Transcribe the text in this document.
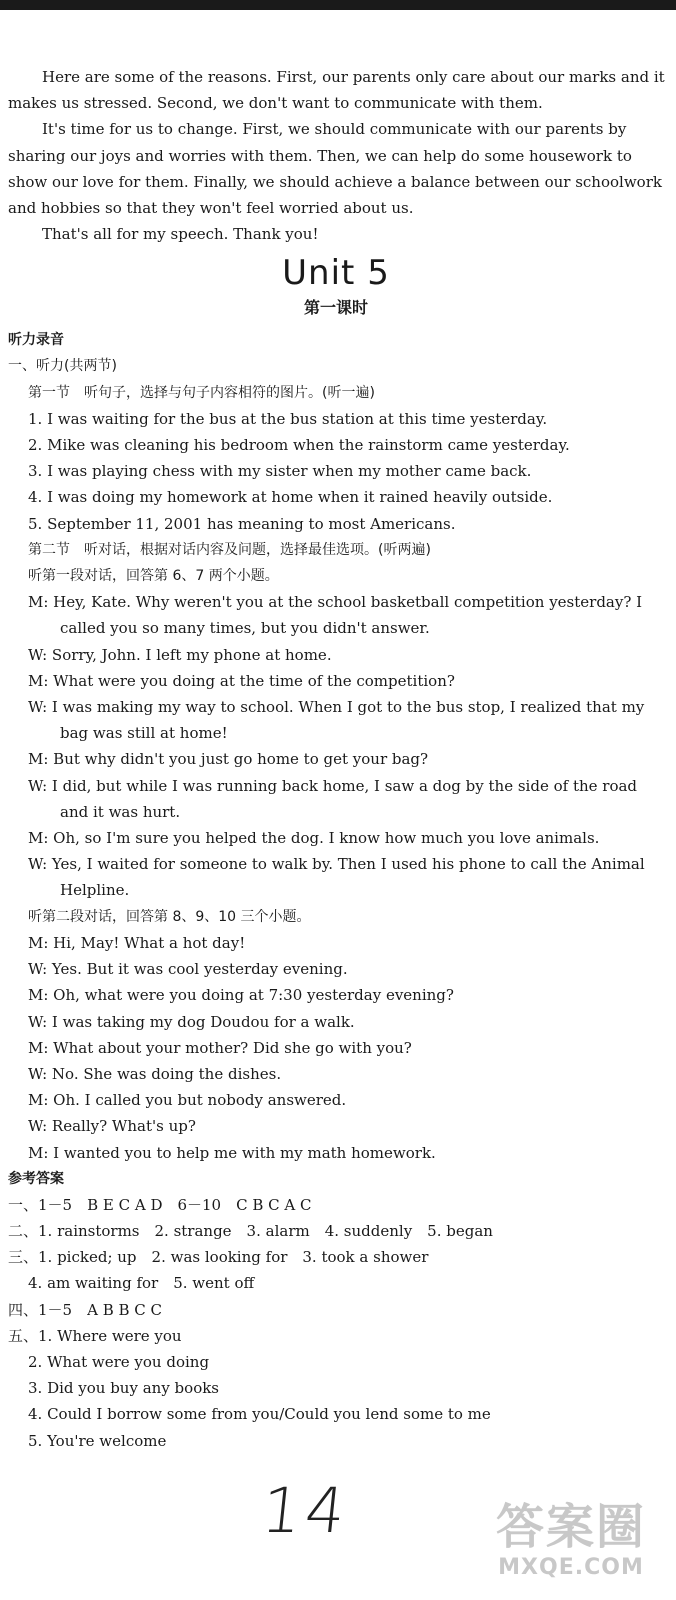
Here are some of the reasons. First, our parents only care about our marks and it
makes us stressed. Second, we don't want to communicate with them.
It's time for us to change. First, we should communicate with our parents by
sharing our joys and worries with them. Then, we can help do some housework to
show our love for them. Finally, we should achieve a balance between our schoolwork
and hobbies so that they won't feel worried about us.
That's all for my speech. Thank you!
Unit 5
第一课时
听力录音
一、听力(共两节)
第一节　听句子，选择与句子内容相符的图片。(听一遍)
1. I was waiting for the bus at the bus station at this time yesterday.
2. Mike was cleaning his bedroom when the rainstorm came yesterday.
3. I was playing chess with my sister when my mother came back.
4. I was doing my homework at home when it rained heavily outside.
5. September 11, 2001 has meaning to most Americans.
第二节　听对话，根据对话内容及问题，选择最佳选项。(听两遍)
听第一段对话，回答第 6、7 两个小题。
M: Hey, Kate. Why weren't you at the school basketball competition yesterday? I
called you so many times, but you didn't answer.
W: Sorry, John. I left my phone at home.
M: What were you doing at the time of the competition?
W: I was making my way to school. When I got to the bus stop, I realized that my
bag was still at home!
M: But why didn't you just go home to get your bag?
W: I did, but while I was running back home, I saw a dog by the side of the road
and it was hurt.
M: Oh, so I'm sure you helped the dog. I know how much you love animals.
W: Yes, I waited for someone to walk by. Then I used his phone to call the Animal
Helpline.
听第二段对话，回答第 8、9、10 三个小题。
M: Hi, May! What a hot day!
W: Yes. But it was cool yesterday evening.
M: Oh, what were you doing at 7:30 yesterday evening?
W: I was taking my dog Doudou for a walk.
M: What about your mother? Did she go with you?
W: No. She was doing the dishes.
M: Oh. I called you but nobody answered.
W: Really? What's up?
M: I wanted you to help me with my math homework.
参考答案
一、1－5　B E C A D　6－10　C B C A C
二、1. rainstorms　2. strange　3. alarm　4. suddenly　5. began
三、1. picked; up　2. was looking for　3. took a shower
4. am waiting for　5. went off
四、1－5　A B B C C
五、1. Where were you
2. What were you doing
3. Did you buy any books
4. Could I borrow some from you/Could you lend some to me
5. You're welcome
14	答案圈
MXQE.COM
